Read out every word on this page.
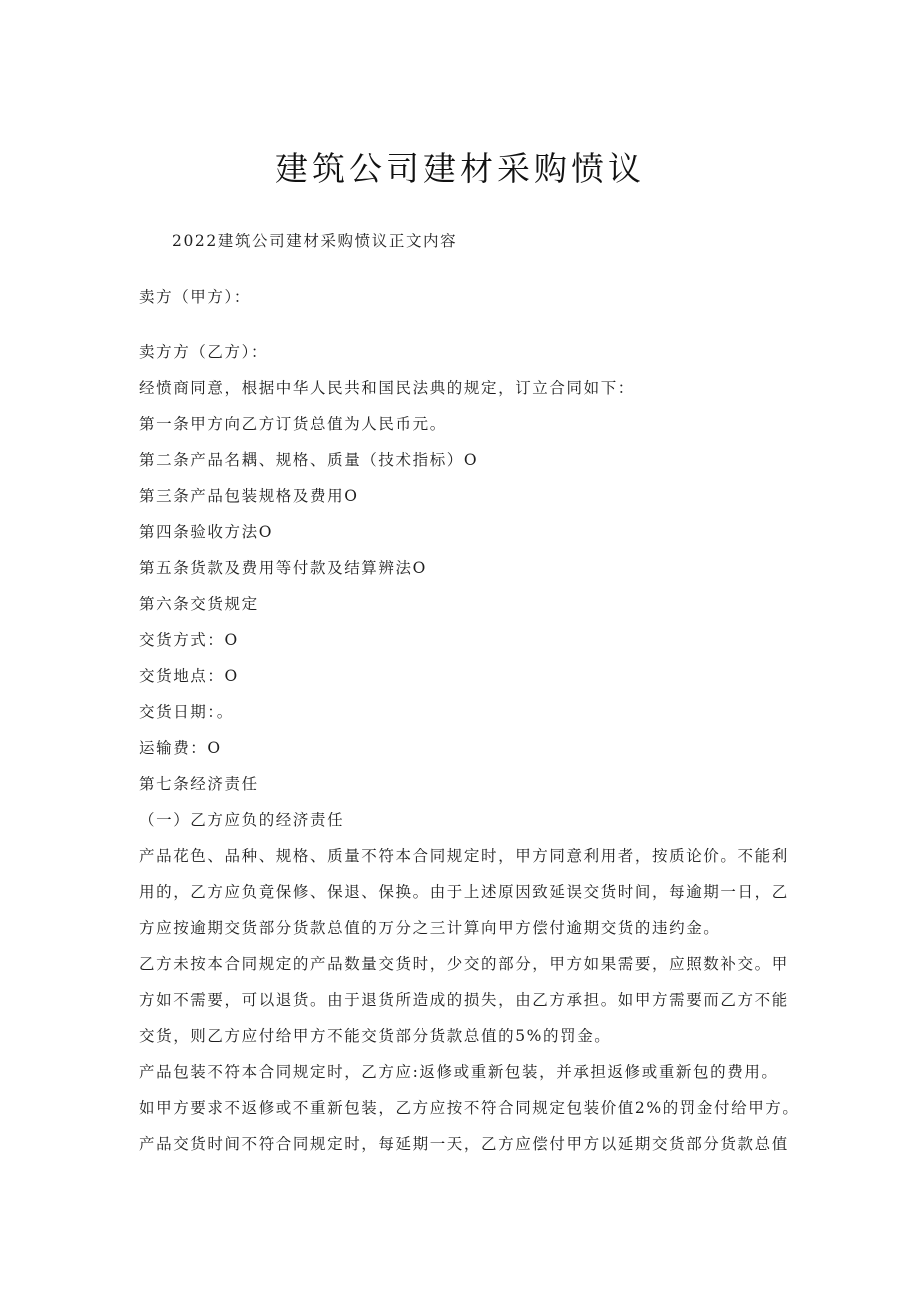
建筑公司建材采购愤议
2022建筑公司建材采购愤议正文内容
卖方（甲方）：
卖方方（乙方）：
经愤商同意，根据中华人民共和国民法典的规定，订立合同如下：
第一条甲方向乙方订货总值为人民币元。
第二条产品名耦、规格、质量（技术指标）O
第三条产品包装规格及费用O
第四条验收方法O
第五条货款及费用等付款及结算辨法O
第六条交货规定
交货方式：O
交货地点：O
交货日期：。
运输费：O
第七条经济责任
（一）乙方应负的经济责任
产品花色、品种、规格、质量不符本合同规定时，甲方同意利用者，按质论价。不能利
用的，乙方应负竟保修、保退、保换。由于上述原因致延误交货时间，每逾期一日，乙
方应按逾期交货部分货款总值的万分之三计算向甲方偿付逾期交货的违约金。
乙方未按本合同规定的产品数量交货时，少交的部分，甲方如果需要，应照数补交。甲
方如不需要，可以退货。由于退货所造成的损失，由乙方承担。如甲方需要而乙方不能
交货，则乙方应付给甲方不能交货部分货款总值的5%的罚金。
产品包装不符本合同规定时，乙方应:返修或重新包装，并承担返修或重新包的费用。
如甲方要求不返修或不重新包装，乙方应按不符合同规定包装价值2%的罚金付给甲方。
产品交货时间不符合同规定时，每延期一天，乙方应偿付甲方以延期交货部分货款总值
